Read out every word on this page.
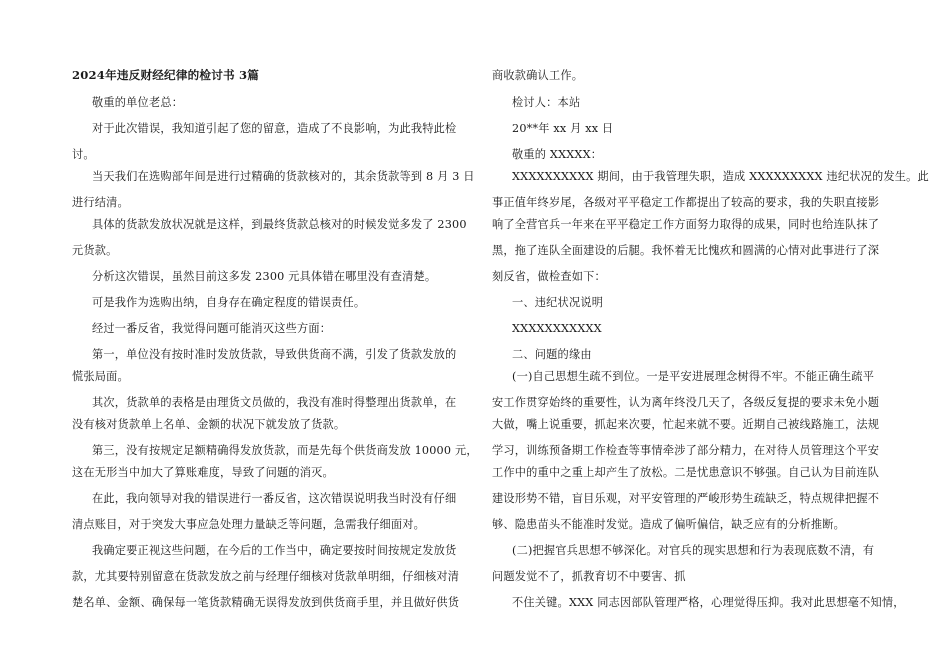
2024年违反财经纪律的检讨书 3篇
敬重的单位老总：
对于此次错误，我知道引起了您的留意，造成了不良影响，为此我特此检
讨。
当天我们在选购部年间是进行过精确的货款核对的，其余货款等到 8 月 3 日
进行结清。
具体的货款发放状况就是这样，到最终货款总核对的时候发觉多发了 2300
元货款。
分析这次错误，虽然目前这多发 2300 元具体错在哪里没有查清楚。
可是我作为选购出纳，自身存在确定程度的错误责任。
经过一番反省，我觉得问题可能消灭这些方面：
第一，单位没有按时准时发放货款，导致供货商不满，引发了货款发放的
慌张局面。
其次，货款单的表格是由理货文员做的，我没有准时得整理出货款单，在
没有核对货款单上名单、金额的状况下就发放了货款。
第三，没有按规定足额精确得发放货款，而是先每个供货商发放 10000 元，
这在无形当中加大了算账难度，导致了问题的消灭。
在此，我向领导对我的错误进行一番反省，这次错误说明我当时没有仔细
清点账目，对于突发大事应急处理力量缺乏等问题，急需我仔细面对。
我确定要正视这些问题，在今后的工作当中，确定要按时间按规定发放货
款，尤其要特别留意在货款发放之前与经理仔细核对货款单明细，仔细核对清
楚名单、金额、确保每一笔货款精确无误得发放到供货商手里，并且做好供货
商收款确认工作。
检讨人：本站
20**年 xx 月 xx 日
敬重的 XXXXX：
XXXXXXXXXX 期间，由于我管理失职，造成 XXXXXXXXX 违纪状况的发生。此
事正值年终岁尾，各级对平平稳定工作都提出了较高的要求，我的失职直接影
响了全营官兵一年来在平平稳定工作方面努力取得的成果，同时也给连队抹了
黑，拖了连队全面建设的后腿。我怀着无比愧疚和圆满的心情对此事进行了深
刻反省，做检查如下：
一、违纪状况说明
XXXXXXXXXXX
二、问题的缘由
(一)自己思想生疏不到位。一是平安进展理念树得不牢。不能正确生疏平
安工作贯穿始终的重要性，认为离年终没几天了，各级反复提的要求未免小题
大做，嘴上说重要，抓起来次要，忙起来就不要。近期自己被线路施工，法规
学习，训练预备期工作检查等事情牵涉了部分精力，在对待人员管理这个平安
工作中的重中之重上却产生了放松。二是忧患意识不够强。自己认为目前连队
建设形势不错，盲目乐观，对平安管理的严峻形势生疏缺乏，特点规律把握不
够、隐患苗头不能准时发觉。造成了偏听偏信，缺乏应有的分析推断。
(二)把握官兵思想不够深化。对官兵的现实思想和行为表现底数不清，有
问题发觉不了，抓教育切不中要害、抓
不住关键。XXX 同志因部队管理严格，心理觉得压抑。我对此思想毫不知情，
